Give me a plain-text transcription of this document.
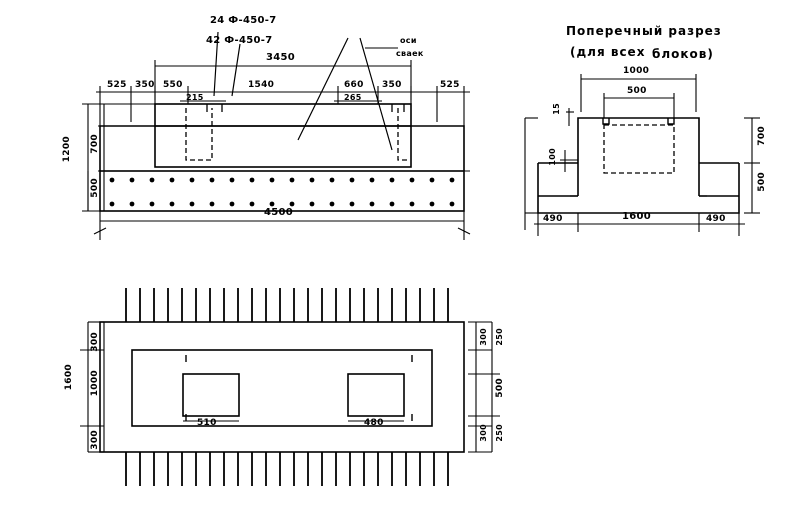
24 Ф-450-7
42 Ф-450-7	оси
сваек
Поперечный разрез
(для всех блоков)
3450
525 350 550	1540	660 350	525
215	265
1200 700
500
4500
1000
500
15
100
700
500
490	1600	490
300
1000
300
1600
300 250
500
300 250
510	480
